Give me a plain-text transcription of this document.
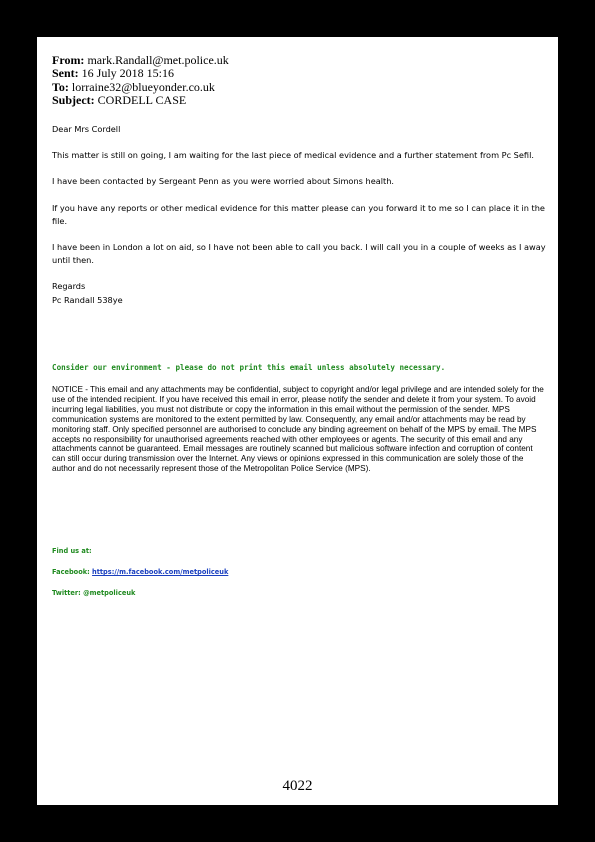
From: mark.Randall@met.police.uk
Sent: 16 July 2018 15:16
To: lorraine32@blueyonder.co.uk
Subject: CORDELL CASE

Dear Mrs Cordell

This matter is still on going, I am waiting for the last piece of medical evidence and a further statement from Pc Sefil.

I have been contacted by Sergeant Penn as you were worried about Simons health.

If you have any reports or other medical evidence for this matter please can you forward it to me so I can place it in the file.

I have been in London a lot on aid, so I have not been able to call you back. I will call you in a couple of weeks as I away until then.

Regards

Pc Randall 538ye

Consider our environment - please do not print this email unless absolutely necessary.
NOTICE - This email and any attachments may be confidential, subject to copyright and/or legal privilege and are intended solely for the use of the intended recipient. If you have received this email in error, please notify the sender and delete it from your system. To avoid incurring legal liabilities, you must not distribute or copy the information in this email without the permission of the sender. MPS communication systems are monitored to the extent permitted by law. Consequently, any email and/or attachments may be read by monitoring staff. Only specified personnel are authorised to conclude any binding agreement on behalf of the MPS by email. The MPS accepts no responsibility for unauthorised agreements reached with other employees or agents. The security of this email and any attachments cannot be guaranteed. Email messages are routinely scanned but malicious software infection and corruption of content can still occur during transmission over the Internet. Any views or opinions expressed in this communication are solely those of the author and do not necessarily represent those of the Metropolitan Police Service (MPS).
Find us at:
Facebook: https://m.facebook.com/metpoliceuk
Twitter: @metpoliceuk
4022
